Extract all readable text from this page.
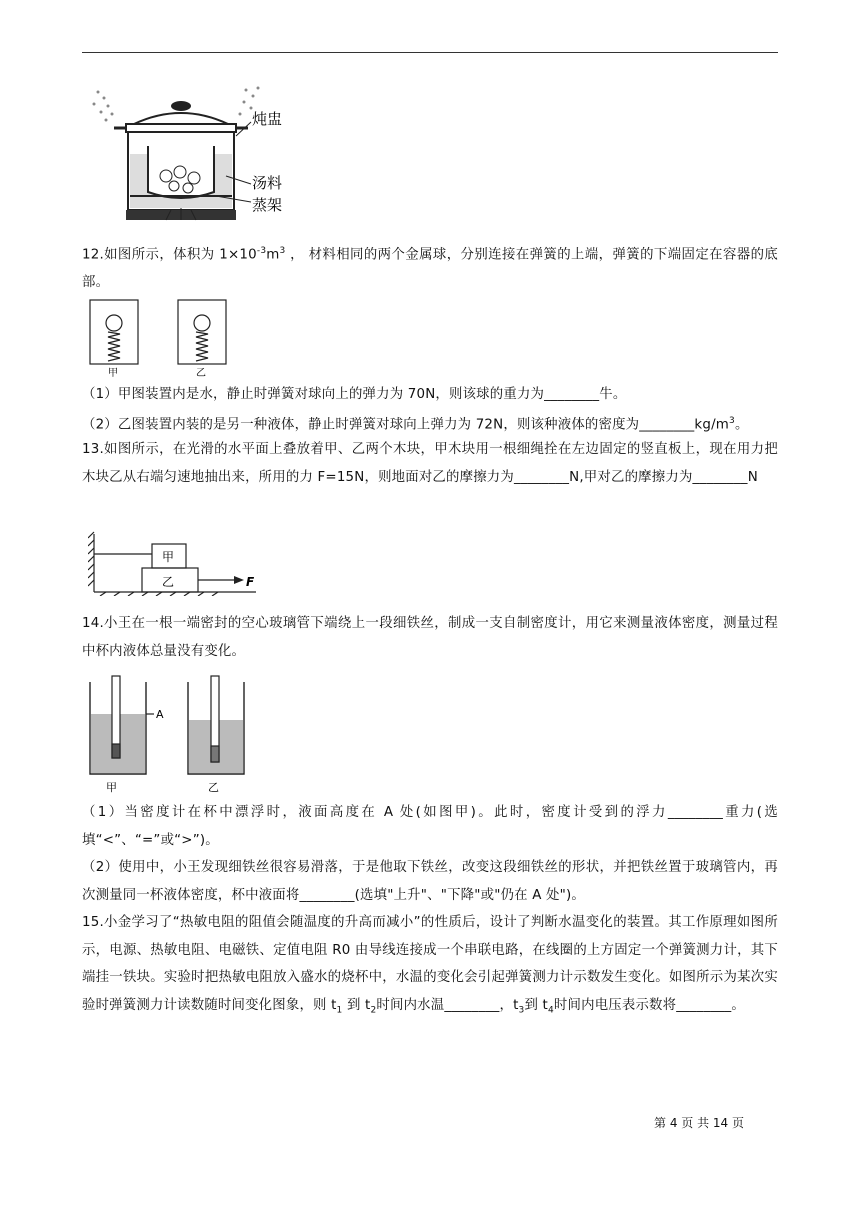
炖盅
汤料
蒸架

12.如图所示，体积为 $1\times 10^{-3}m^3$ ， 材料相同的两个金属球，分别连接在弹簧的上端，弹簧的下端固定在容器的底部。

甲	乙

（1）甲图装置内是水，静止时弹簧对球向上的弹力为 70N，则该球的重力为________牛。

（2）乙图装置内装的是另一种液体，静止时弹簧对球向上弹力为 72N，则该种液体的密度为$\_\_\_\_\_\_\_\_kg/m^3$。

13.如图所示，在光滑的水平面上叠放着甲、乙两个木块，甲木块用一根细绳拴在左边固定的竖直板上，现在用力把木块乙从右端匀速地抽出来，所用的力 F=15N，则地面对乙的摩擦力为________N,甲对乙的摩擦力为________N

甲
乙	F

14.小王在一根一端密封的空心玻璃管下端绕上一段细铁丝，制成一支自制密度计，用它来测量液体密度，测量过程中杯内液体总量没有变化。

A
甲	乙

（1）当密度计在杯中漂浮时，液面高度在 A 处(如图甲)。此时，密度计受到的浮力________重力(选填“<”、“=”或“>”)。

（2）使用中，小王发现细铁丝很容易滑落，于是他取下铁丝，改变这段细铁丝的形状，并把铁丝置于玻璃管内，再次测量同一杯液体密度，杯中液面将________(选填"上升"、"下降"或"仍在 A 处")。

15.小金学习了“热敏电阻的阻值会随温度的升高而减小”的性质后，设计了判断水温变化的装置。其工作原理如图所示，电源、热敏电阻、电磁铁、定值电阻 R0 由导线连接成一个串联电路，在线圈的上方固定一个弹簧测力计，其下端挂一铁块。实验时把热敏电阻放入盛水的烧杯中，水温的变化会引起弹簧测力计示数发生变化。如图所示为某次实验时弹簧测力计读数随时间变化图象，则 $t_1$ 到 $t_2$时间内水温________，$t_3$到 $t_4$时间内电压表示数将________。

第 4 页 共 14 页
